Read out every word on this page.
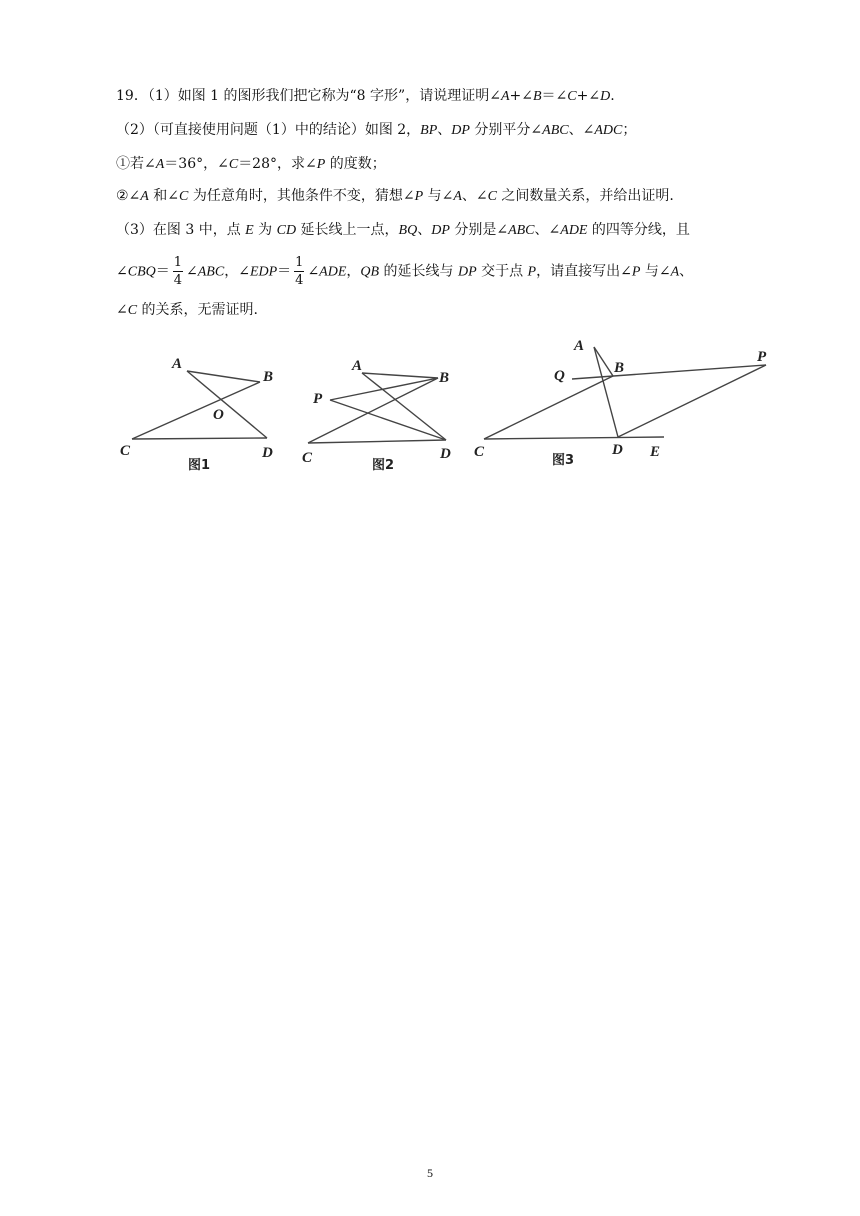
19．（1）如图 1 的图形我们把它称为“8 字形”，请说理证明∠A+∠B＝∠C+∠D.
（2）（可直接使用问题（1）中的结论）如图 2，BP、DP 分别平分∠ABC、∠ADC；
①若∠A＝36°，∠C＝28°，求∠P 的度数；
②∠A 和∠C 为任意角时，其他条件不变，猜想∠P 与∠A、∠C 之间数量关系，并给出证明.
（3）在图 3 中，点 E 为 CD 延长线上一点，BQ、DP 分别是∠ABC、∠ADE 的四等分线，且
∠CBQ＝ $\frac{1}{4}$ ∠ABC，∠EDP＝ $\frac{1}{4}$ ∠ADE，QB 的延长线与 DP 交于点 P，请直接写出∠P 与∠A、
∠C 的关系，无需证明.
A
B
O
C	D
图1
A
B
P
C	D
图2
A
B
Q
P
C	D E
图3
5
